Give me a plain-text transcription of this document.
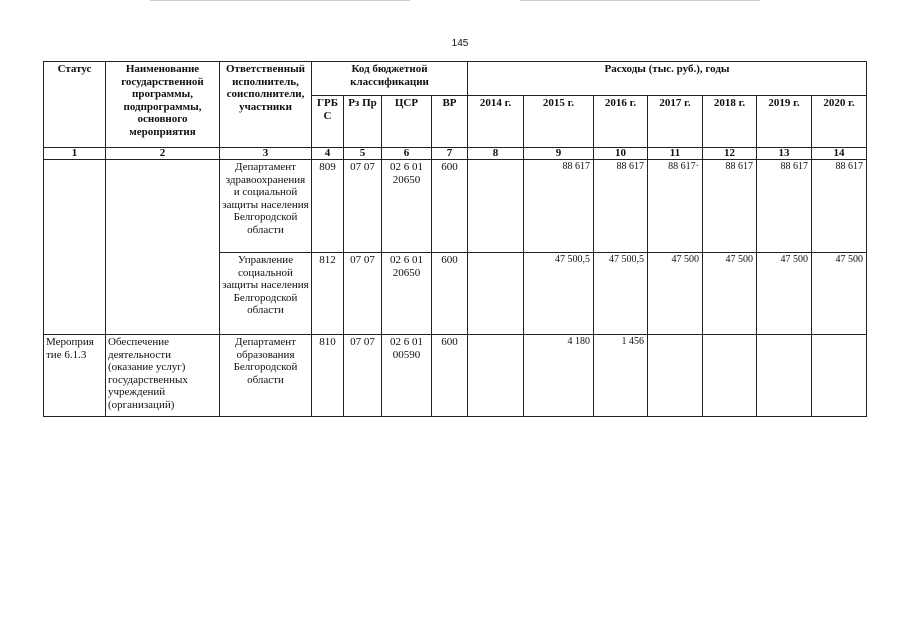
145
Статус	Наименование государственной программы, подпрограммы, основного мероприятия	Ответственный исполнитель, соисполнители, участники	Код бюджетной классификации				Расходы (тыс. руб.), годы						
			ГРБ С	Рз Пр	ЦСР	ВР	2014 г.	2015 г.	2016 г.	2017 г.	2018 г.	2019 г.	2020 г.
1	2	3	4	5	6	7	8	9	10	11	12	13	14
		Департамент здравоохранения и социальной защиты населения Белгородской области	809	07 07	02 6 01 20650	600		88 617	88 617	88 617·	88 617	88 617	88 617
		Управление социальной защиты населения Белгородской области	812	07 07	02 6 01 20650	600		47 500,5	47 500,5	47 500	47 500	47 500	47 500
Мероприя тие 6.1.3	Обеспечение деятельности (оказание услуг) государственных учреждений (организаций)	Департамент образования Белгородской области	810	07 07	02 6 01 00590	600		4 180	1 456				
